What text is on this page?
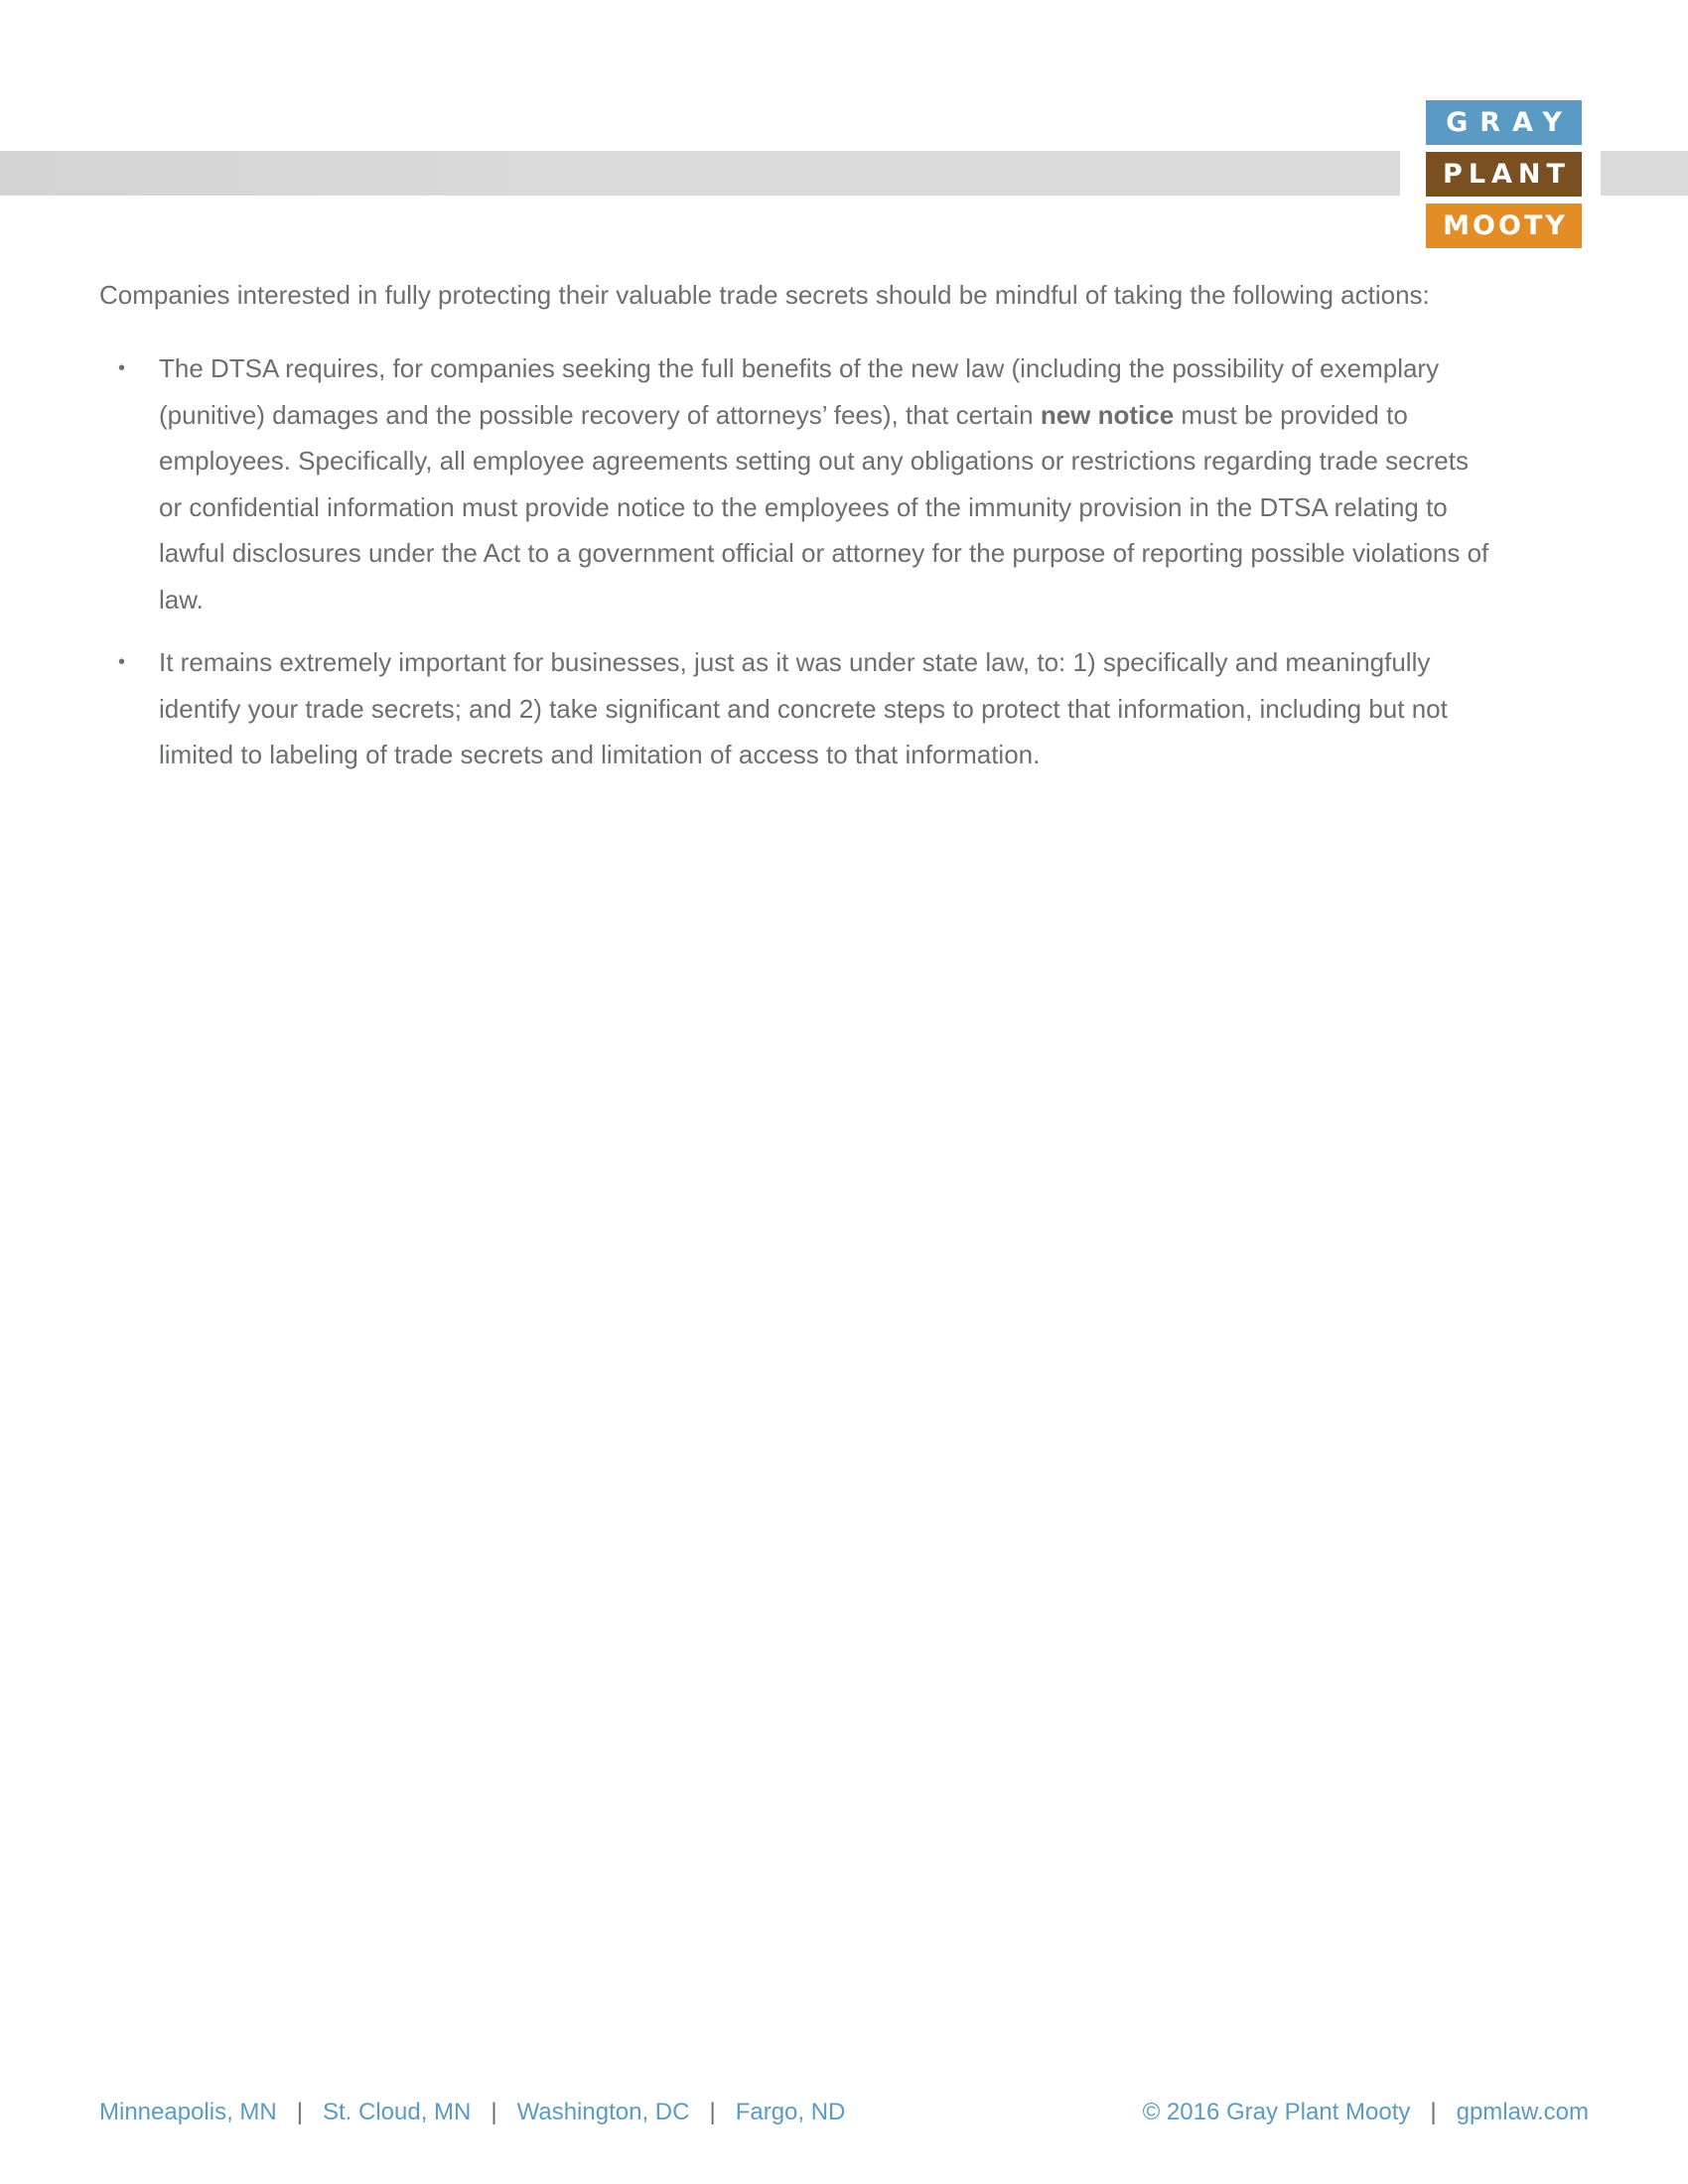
GRAY
PLANT
MOOTY

Companies interested in fully protecting their valuable trade secrets should be mindful of taking the following actions:

• The DTSA requires, for companies seeking the full benefits of the new law (including the possibility of exemplary
(punitive) damages and the possible recovery of attorneys’ fees), that certain new notice must be provided to
employees. Specifically, all employee agreements setting out any obligations or restrictions regarding trade secrets
or confidential information must provide notice to the employees of the immunity provision in the DTSA relating to
lawful disclosures under the Act to a government official or attorney for the purpose of reporting possible violations of
law.
• It remains extremely important for businesses, just as it was under state law, to: 1) specifically and meaningfully
identify your trade secrets; and 2) take significant and concrete steps to protect that information, including but not
limited to labeling of trade secrets and limitation of access to that information.
Minneapolis, MN | St. Cloud, MN | Washington, DC | Fargo, ND	© 2016 Gray Plant Mooty | gpmlaw.com
